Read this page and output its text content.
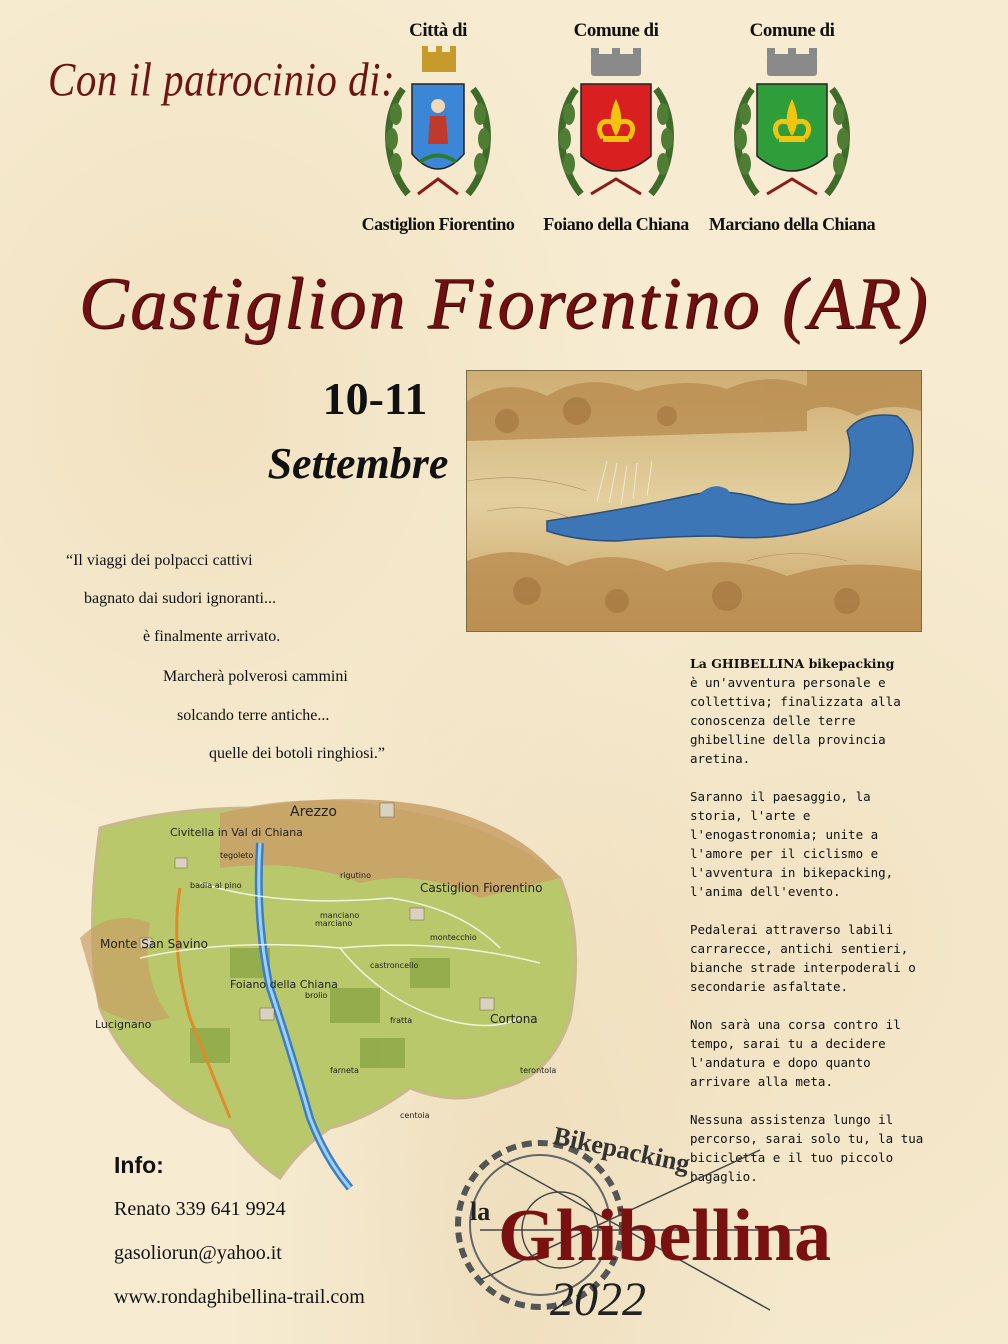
Con il patrocinio di:
Città di
Castiglion Fiorentino
Comune di
Foiano della Chiana
Comune di
Marciano della Chiana
Castiglion Fiorentino (AR)
10-11
Settembre
“Il viaggi dei polpacci cattivi
bagnato dai sudori ignoranti...
è finalmente arrivato.
Marcherà polverosi cammini
solcando terre antiche...
quelle dei botoli ringhiosi.”

La GHIBELLINA bikepacking
è un'avventura personale e collettiva; finalizzata alla conoscenza delle terre ghibelline della provincia aretina.

Saranno il paesaggio, la storia, l'arte e l'enogastronomia; unite a l'amore per il ciclismo e l'avventura in bikepacking, l'anima dell'evento.

Pedalerai attraverso labili carrarecce, antichi sentieri, bianche strade interpoderali o secondarie asfaltate.

Non sarà una corsa contro il tempo, sarai tu a decidere l'andatura e dopo quanto arrivare alla meta.

Nessuna assistenza lungo il percorso, sarai solo tu, la tua bicicletta e il tuo piccolo bagaglio.

Arezzo
Civitella in Val di Chiana
Castiglion Fiorentino
Monte San Savino
Foiano della Chiana
Lucignano	Cortona
marciano
brolio
castroncello
montecchio
fratta
farneta	terontola
centoia
rigutino
manciano
badia al pino
tegoleto
Info:
Renato 339 641 9924
gasoliorun@yahoo.it
www.rondaghibellina-trail.com
Bikepacking
la Ghibellina
2022
